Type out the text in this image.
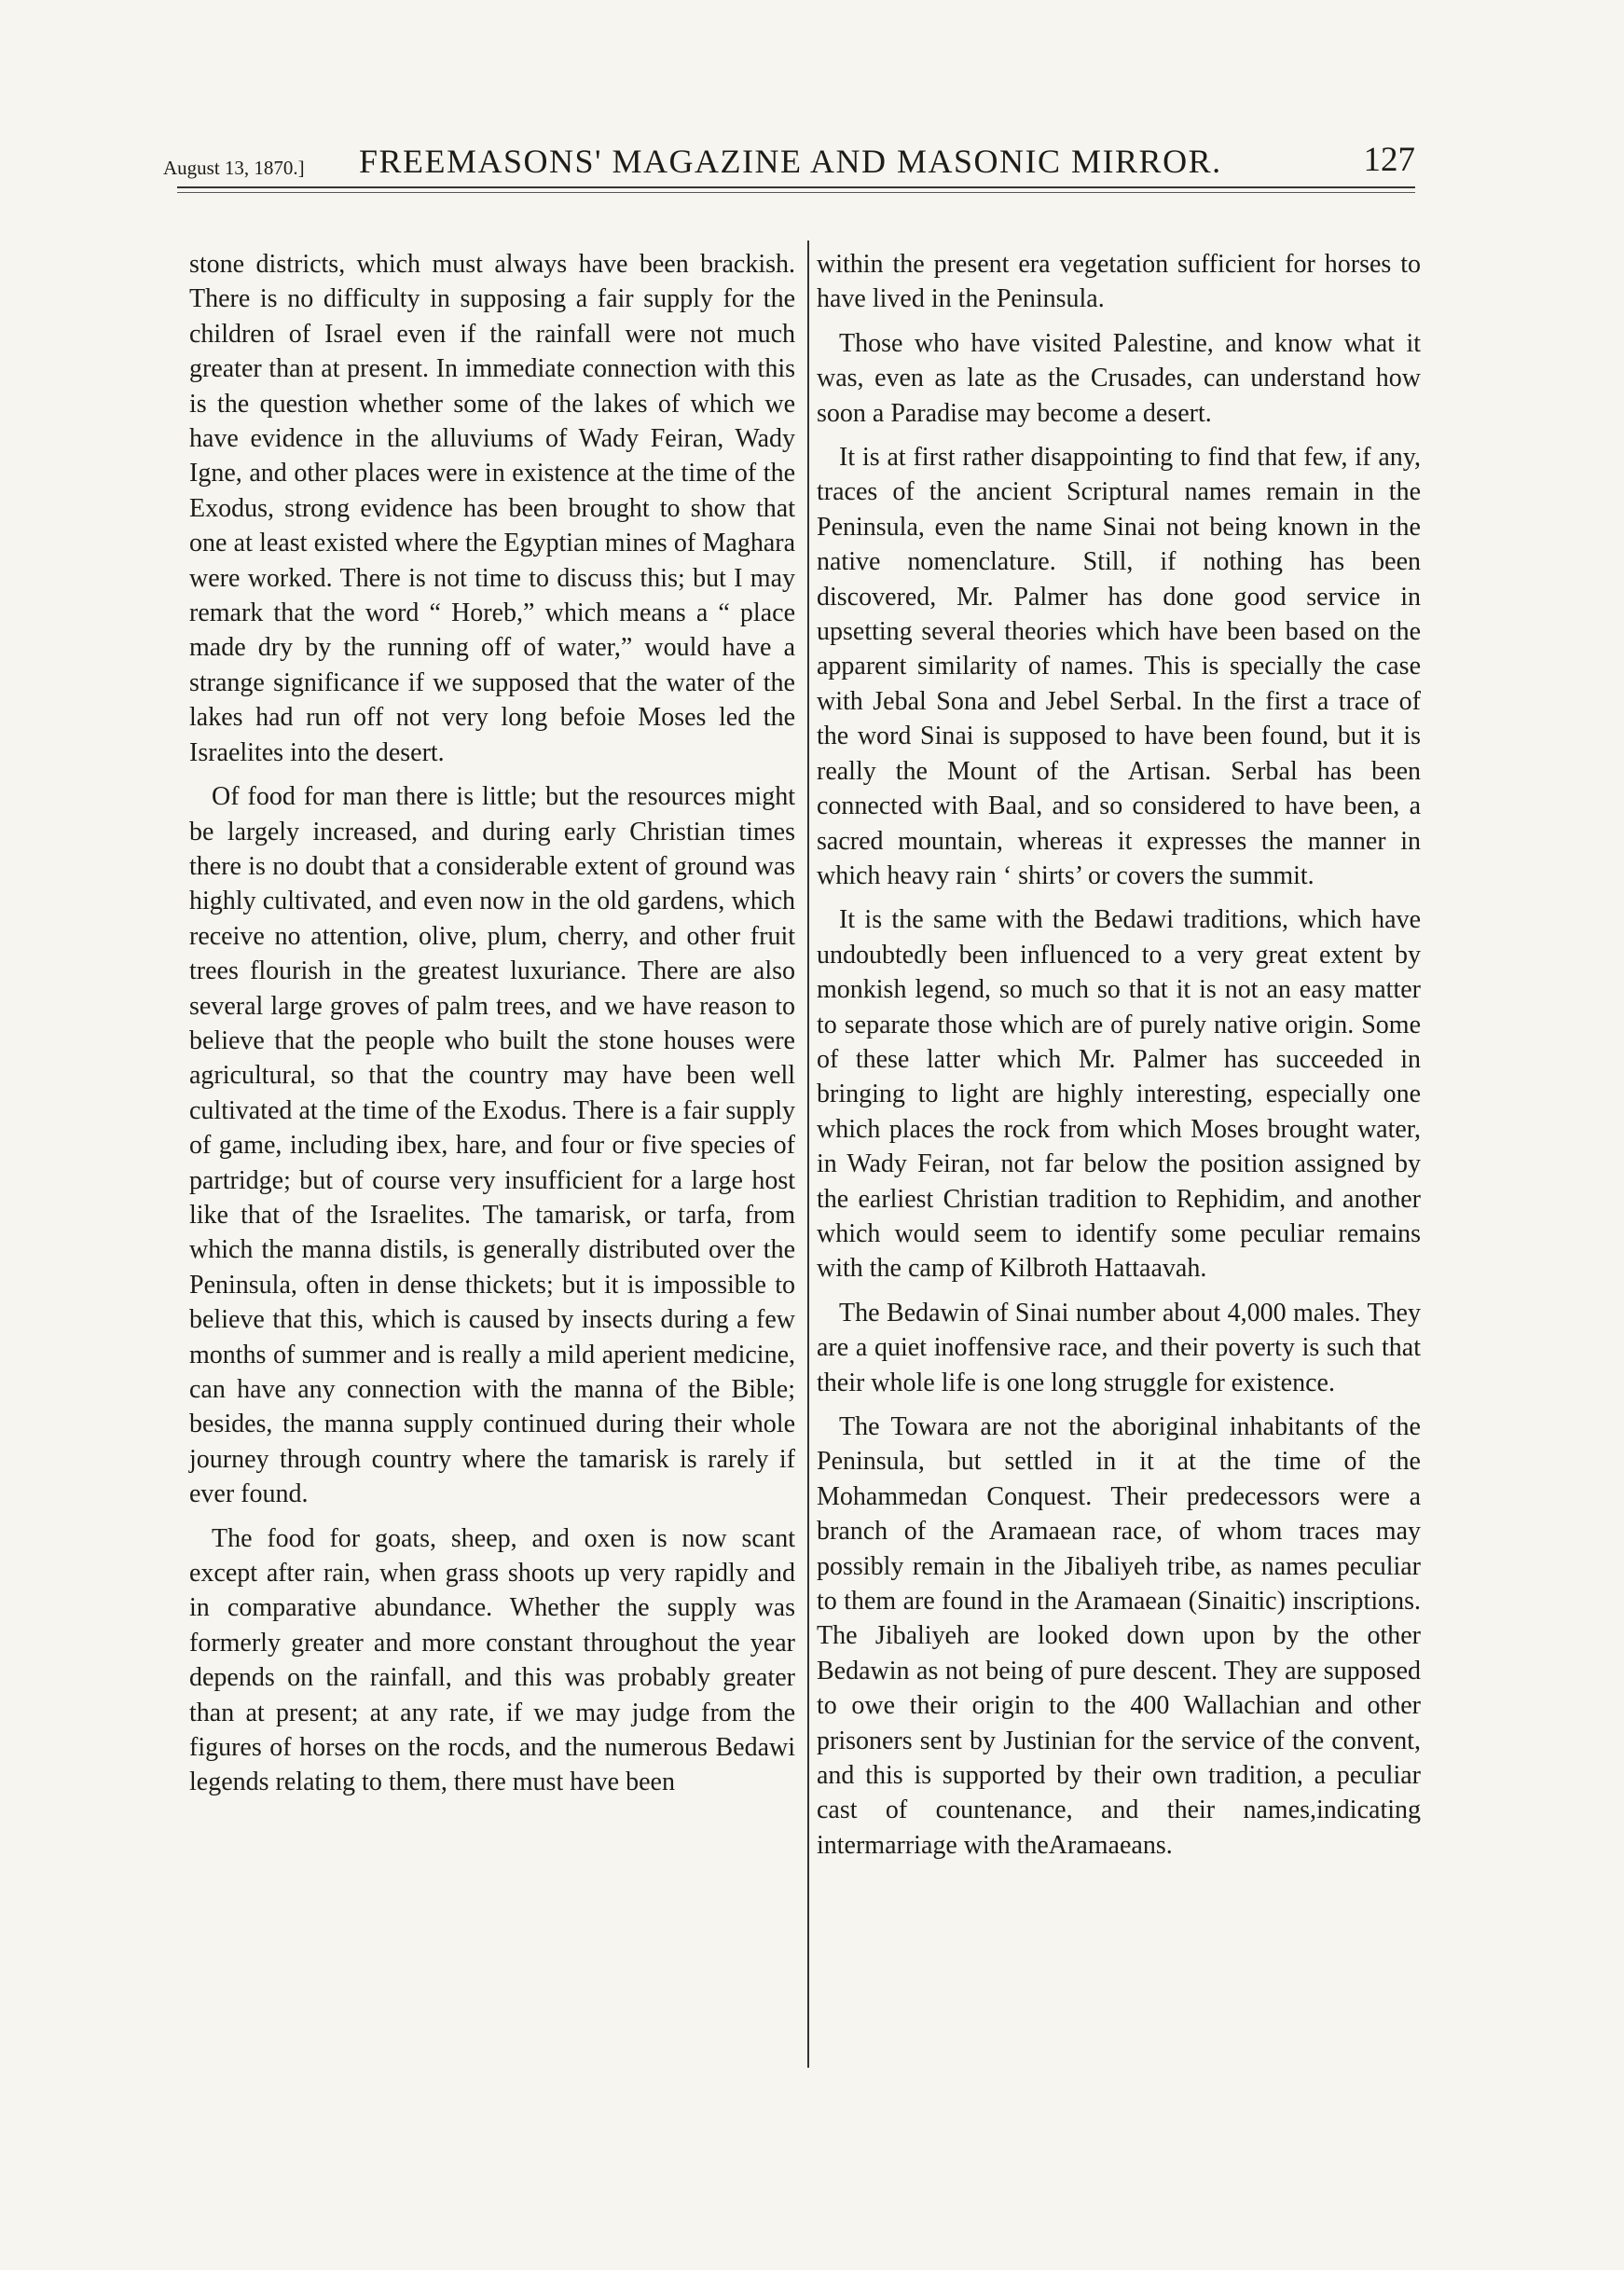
August 13, 1870.] FREEMASONS' MAGAZINE AND MASONIC MIRROR.	127

stone districts, which must always have been brackish. There is no difficulty in supposing a fair supply for the children of Israel even if the rainfall were not much greater than at present. In immediate connection with this is the question whether some of the lakes of which we have evidence in the alluviums of Wady Feiran, Wady Igne, and other places were in existence at the time of the Exodus, strong evidence has been brought to show that one at least existed where the Egyptian mines of Maghara were worked. There is not time to discuss this; but I may remark that the word “ Horeb,” which means a “ place made dry by the running off of water,” would have a strange significance if we supposed that the water of the lakes had run off not very long befoie Moses led the Israelites into the desert.

Of food for man there is little; but the resources might be largely increased, and during early Christian times there is no doubt that a considerable extent of ground was highly cultivated, and even now in the old gardens, which receive no attention, olive, plum, cherry, and other fruit trees flourish in the greatest luxuriance. There are also several large groves of palm trees, and we have reason to believe that the people who built the stone houses were agricultural, so that the country may have been well cultivated at the time of the Exodus. There is a fair supply of game, including ibex, hare, and four or five species of partridge; but of course very insufficient for a large host like that of the Israelites. The tamarisk, or tarfa, from which the manna distils, is generally distributed over the Peninsula, often in dense thickets; but it is impossible to believe that this, which is caused by insects during a few months of summer and is really a mild aperient medicine, can have any connection with the manna of the Bible; besides, the manna supply continued during their whole journey through country where the tamarisk is rarely if ever found.

The food for goats, sheep, and oxen is now scant except after rain, when grass shoots up very rapidly and in comparative abundance. Whether the supply was formerly greater and more constant throughout the year depends on the rainfall, and this was probably greater than at present; at any rate, if we may judge from the figures of horses on the rocds, and the numerous Bedawi legends relating to them, there must have been

within the present era vegetation sufficient for horses to have lived in the Peninsula.

Those who have visited Palestine, and know what it was, even as late as the Crusades, can understand how soon a Paradise may become a desert.

It is at first rather disappointing to find that few, if any, traces of the ancient Scriptural names remain in the Peninsula, even the name Sinai not being known in the native nomenclature. Still, if nothing has been discovered, Mr. Palmer has done good service in upsetting several theories which have been based on the apparent similarity of names. This is specially the case with Jebal Sona and Jebel Serbal. In the first a trace of the word Sinai is supposed to have been found, but it is really the Mount of the Artisan. Serbal has been connected with Baal, and so considered to have been, a sacred mountain, whereas it expresses the manner in which heavy rain ‘ shirts’ or covers the summit.

It is the same with the Bedawi traditions, which have undoubtedly been influenced to a very great extent by monkish legend, so much so that it is not an easy matter to separate those which are of purely native origin. Some of these latter which Mr. Palmer has succeeded in bringing to light are highly interesting, especially one which places the rock from which Moses brought water, in Wady Feiran, not far below the position assigned by the earliest Christian tradition to Rephidim, and another which would seem to identify some peculiar remains with the camp of Kilbroth Hattaavah.

The Bedawin of Sinai number about 4,000 males. They are a quiet inoffensive race, and their poverty is such that their whole life is one long struggle for existence.

The Towara are not the aboriginal inhabitants of the Peninsula, but settled in it at the time of the Mohammedan Conquest. Their predecessors were a branch of the Aramaean race, of whom traces may possibly remain in the Jibaliyeh tribe, as names peculiar to them are found in the Aramaean (Sinaitic) inscriptions. The Jibaliyeh are looked down upon by the other Bedawin as not being of pure descent. They are supposed to owe their origin to the 400 Wallachian and other prisoners sent by Justinian for the service of the convent, and this is supported by their own tradition, a peculiar cast of countenance, and their names,indicating intermarriage with theAramaeans.
